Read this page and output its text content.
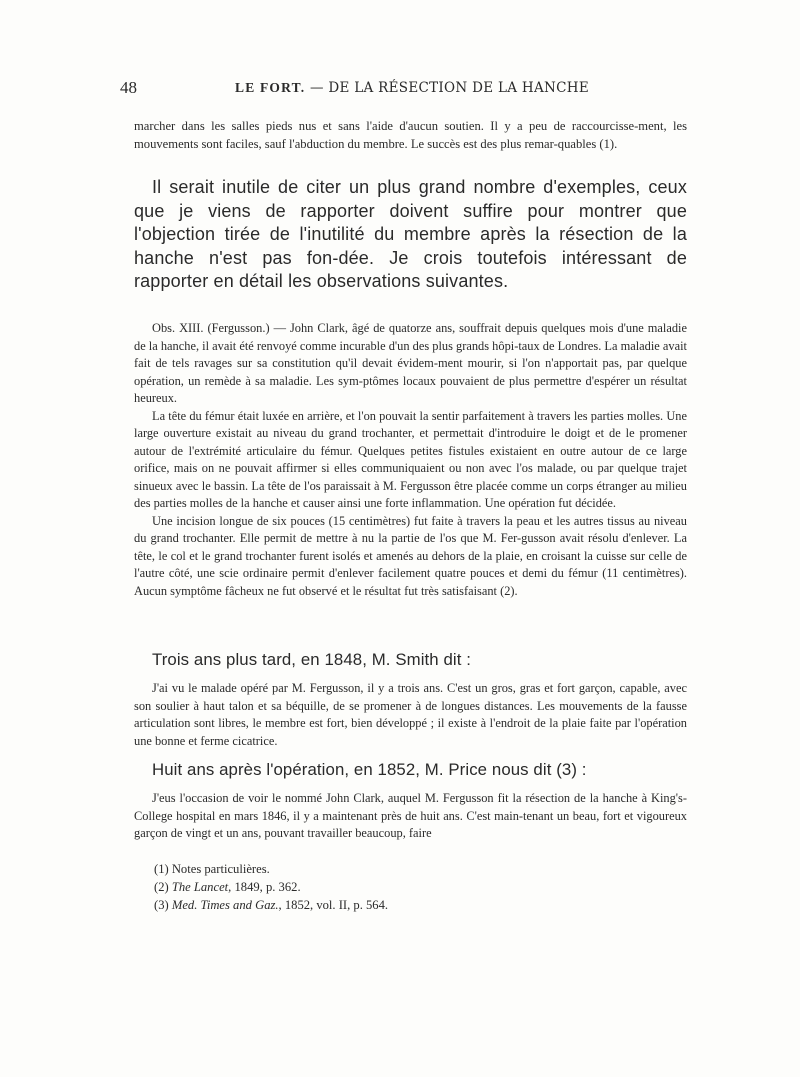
48	LE FORT. — DE LA RÉSECTION DE LA HANCHE

marcher dans les salles pieds nus et sans l'aide d'aucun soutien. Il y a peu de raccourcisse-ment, les mouvements sont faciles, sauf l'abduction du membre. Le succès est des plus remar-quables (1).

Il serait inutile de citer un plus grand nombre d'exemples, ceux que je viens de rapporter doivent suffire pour montrer que l'objection tirée de l'inutilité du membre après la résection de la hanche n'est pas fon-dée. Je crois toutefois intéressant de rapporter en détail les observations suivantes.

Obs. XIII. (Fergusson.) — John Clark, âgé de quatorze ans, souffrait depuis quelques mois d'une maladie de la hanche, il avait été renvoyé comme incurable d'un des plus grands hôpi-taux de Londres. La maladie avait fait de tels ravages sur sa constitution qu'il devait évidem-ment mourir, si l'on n'apportait pas, par quelque opération, un remède à sa maladie. Les sym-ptômes locaux pouvaient de plus permettre d'espérer un résultat heureux.

La tête du fémur était luxée en arrière, et l'on pouvait la sentir parfaitement à travers les parties molles. Une large ouverture existait au niveau du grand trochanter, et permettait d'introduire le doigt et de le promener autour de l'extrémité articulaire du fémur. Quelques petites fistules existaient en outre autour de ce large orifice, mais on ne pouvait affirmer si elles communiquaient ou non avec l'os malade, ou par quelque trajet sinueux avec le bassin. La tête de l'os paraissait à M. Fergusson être placée comme un corps étranger au milieu des parties molles de la hanche et causer ainsi une forte inflammation. Une opération fut décidée.

Une incision longue de six pouces (15 centimètres) fut faite à travers la peau et les autres tissus au niveau du grand trochanter. Elle permit de mettre à nu la partie de l'os que M. Fer-gusson avait résolu d'enlever. La tête, le col et le grand trochanter furent isolés et amenés au dehors de la plaie, en croisant la cuisse sur celle de l'autre côté, une scie ordinaire permit d'enlever facilement quatre pouces et demi du fémur (11 centimètres). Aucun symptôme fâcheux ne fut observé et le résultat fut très satisfaisant (2).

Trois ans plus tard, en 1848, M. Smith dit :

J'ai vu le malade opéré par M. Fergusson, il y a trois ans. C'est un gros, gras et fort garçon, capable, avec son soulier à haut talon et sa béquille, de se promener à de longues distances. Les mouvements de la fausse articulation sont libres, le membre est fort, bien développé ; il existe à l'endroit de la plaie faite par l'opération une bonne et ferme cicatrice.

Huit ans après l'opération, en 1852, M. Price nous dit (3) :

J'eus l'occasion de voir le nommé John Clark, auquel M. Fergusson fit la résection de la hanche à King's-College hospital en mars 1846, il y a maintenant près de huit ans. C'est main-tenant un beau, fort et vigoureux garçon de vingt et un ans, pouvant travailler beaucoup, faire

(1) Notes particulières.

(2) The Lancet, 1849, p. 362.

(3) Med. Times and Gaz., 1852, vol. II, p. 564.
